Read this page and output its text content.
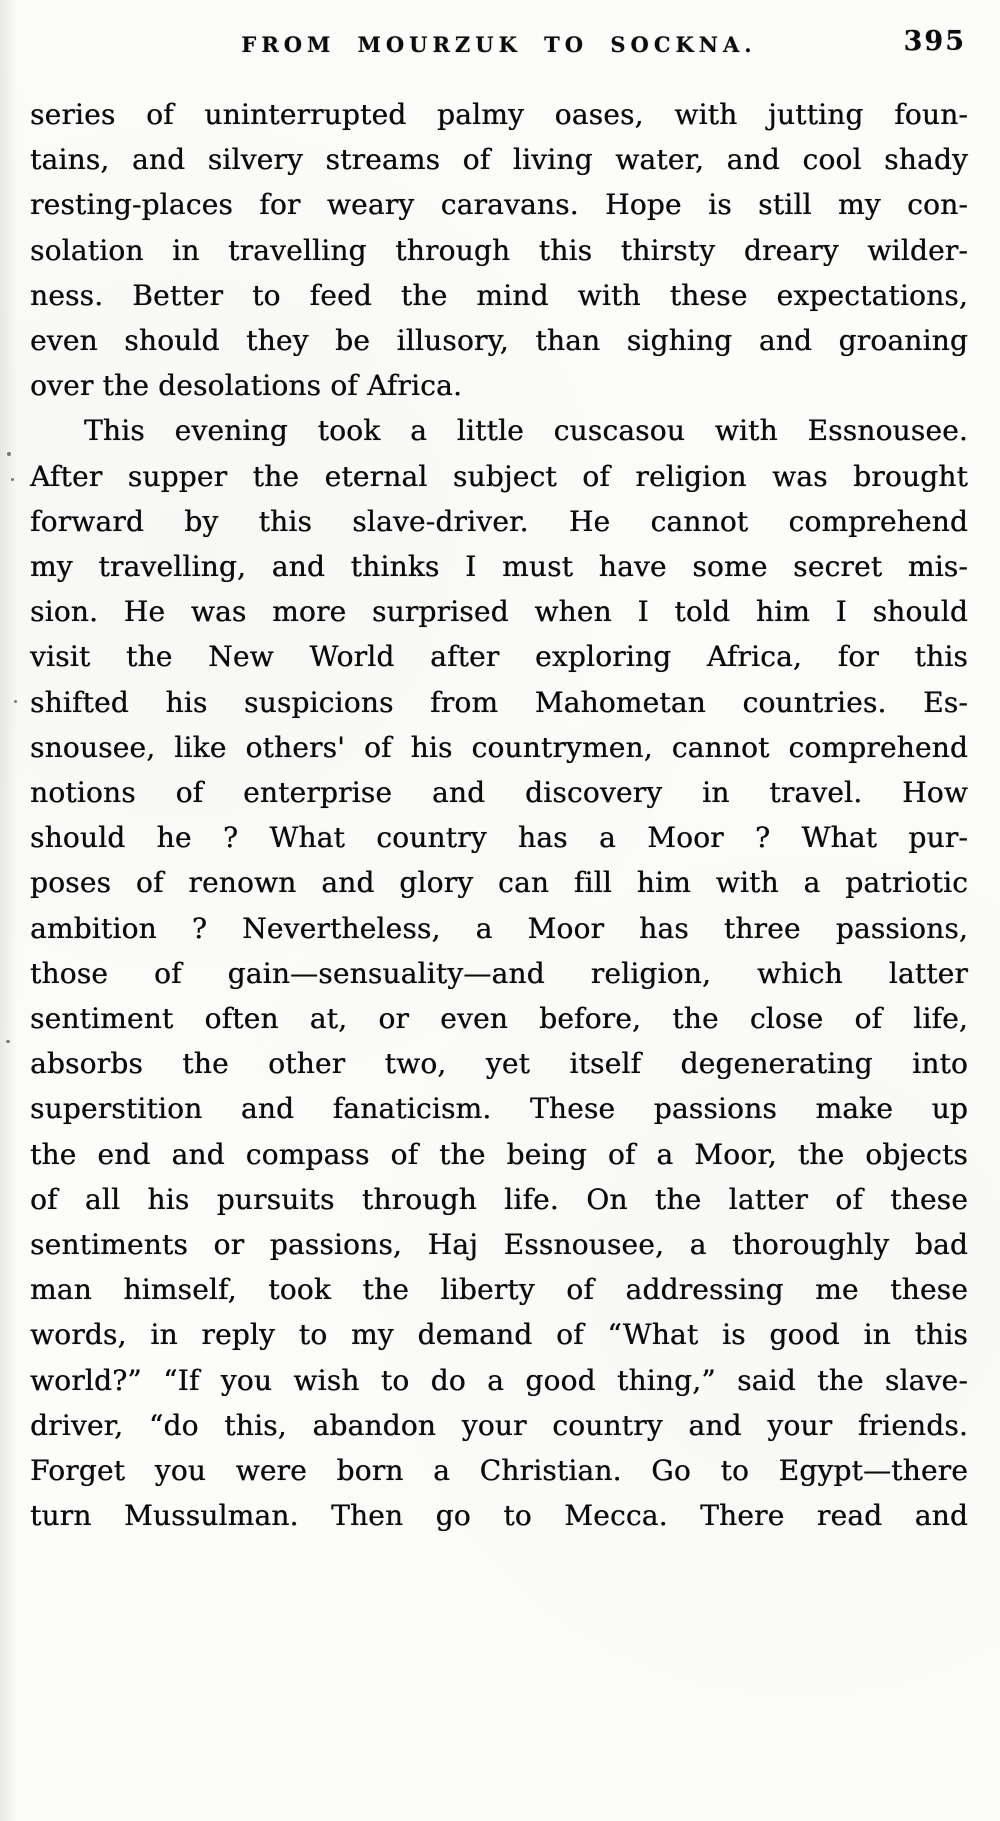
FROM MOURZUK TO SOCKNA.	395
series of uninterrupted palmy oases, with jutting foun-
tains, and silvery streams of living water, and cool shady
resting-places for weary caravans. Hope is still my con-
solation in travelling through this thirsty dreary wilder-
ness. Better to feed the mind with these expectations,
even should they be illusory, than sighing and groaning
over the desolations of Africa.
This evening took a little cuscasou with Essnousee.
After supper the eternal subject of religion was brought
forward by this slave-driver. He cannot comprehend
my travelling, and thinks I must have some secret mis-
sion. He was more surprised when I told him I should
visit the New World after exploring Africa, for this
shifted his suspicions from Mahometan countries. Es-
snousee, like others' of his countrymen, cannot comprehend
notions of enterprise and discovery in travel. How
should he ? What country has a Moor ? What pur-
poses of renown and glory can fill him with a patriotic
ambition ? Nevertheless, a Moor has three passions,
those of gain—sensuality—and religion, which latter
sentiment often at, or even before, the close of life,
absorbs the other two, yet itself degenerating into
superstition and fanaticism. These passions make up
the end and compass of the being of a Moor, the objects
of all his pursuits through life. On the latter of these
sentiments or passions, Haj Essnousee, a thoroughly bad
man himself, took the liberty of addressing me these
words, in reply to my demand of “What is good in this
world?” “If you wish to do a good thing,” said the slave-
driver, “do this, abandon your country and your friends.
Forget you were born a Christian. Go to Egypt—there
turn Mussulman. Then go to Mecca. There read and
